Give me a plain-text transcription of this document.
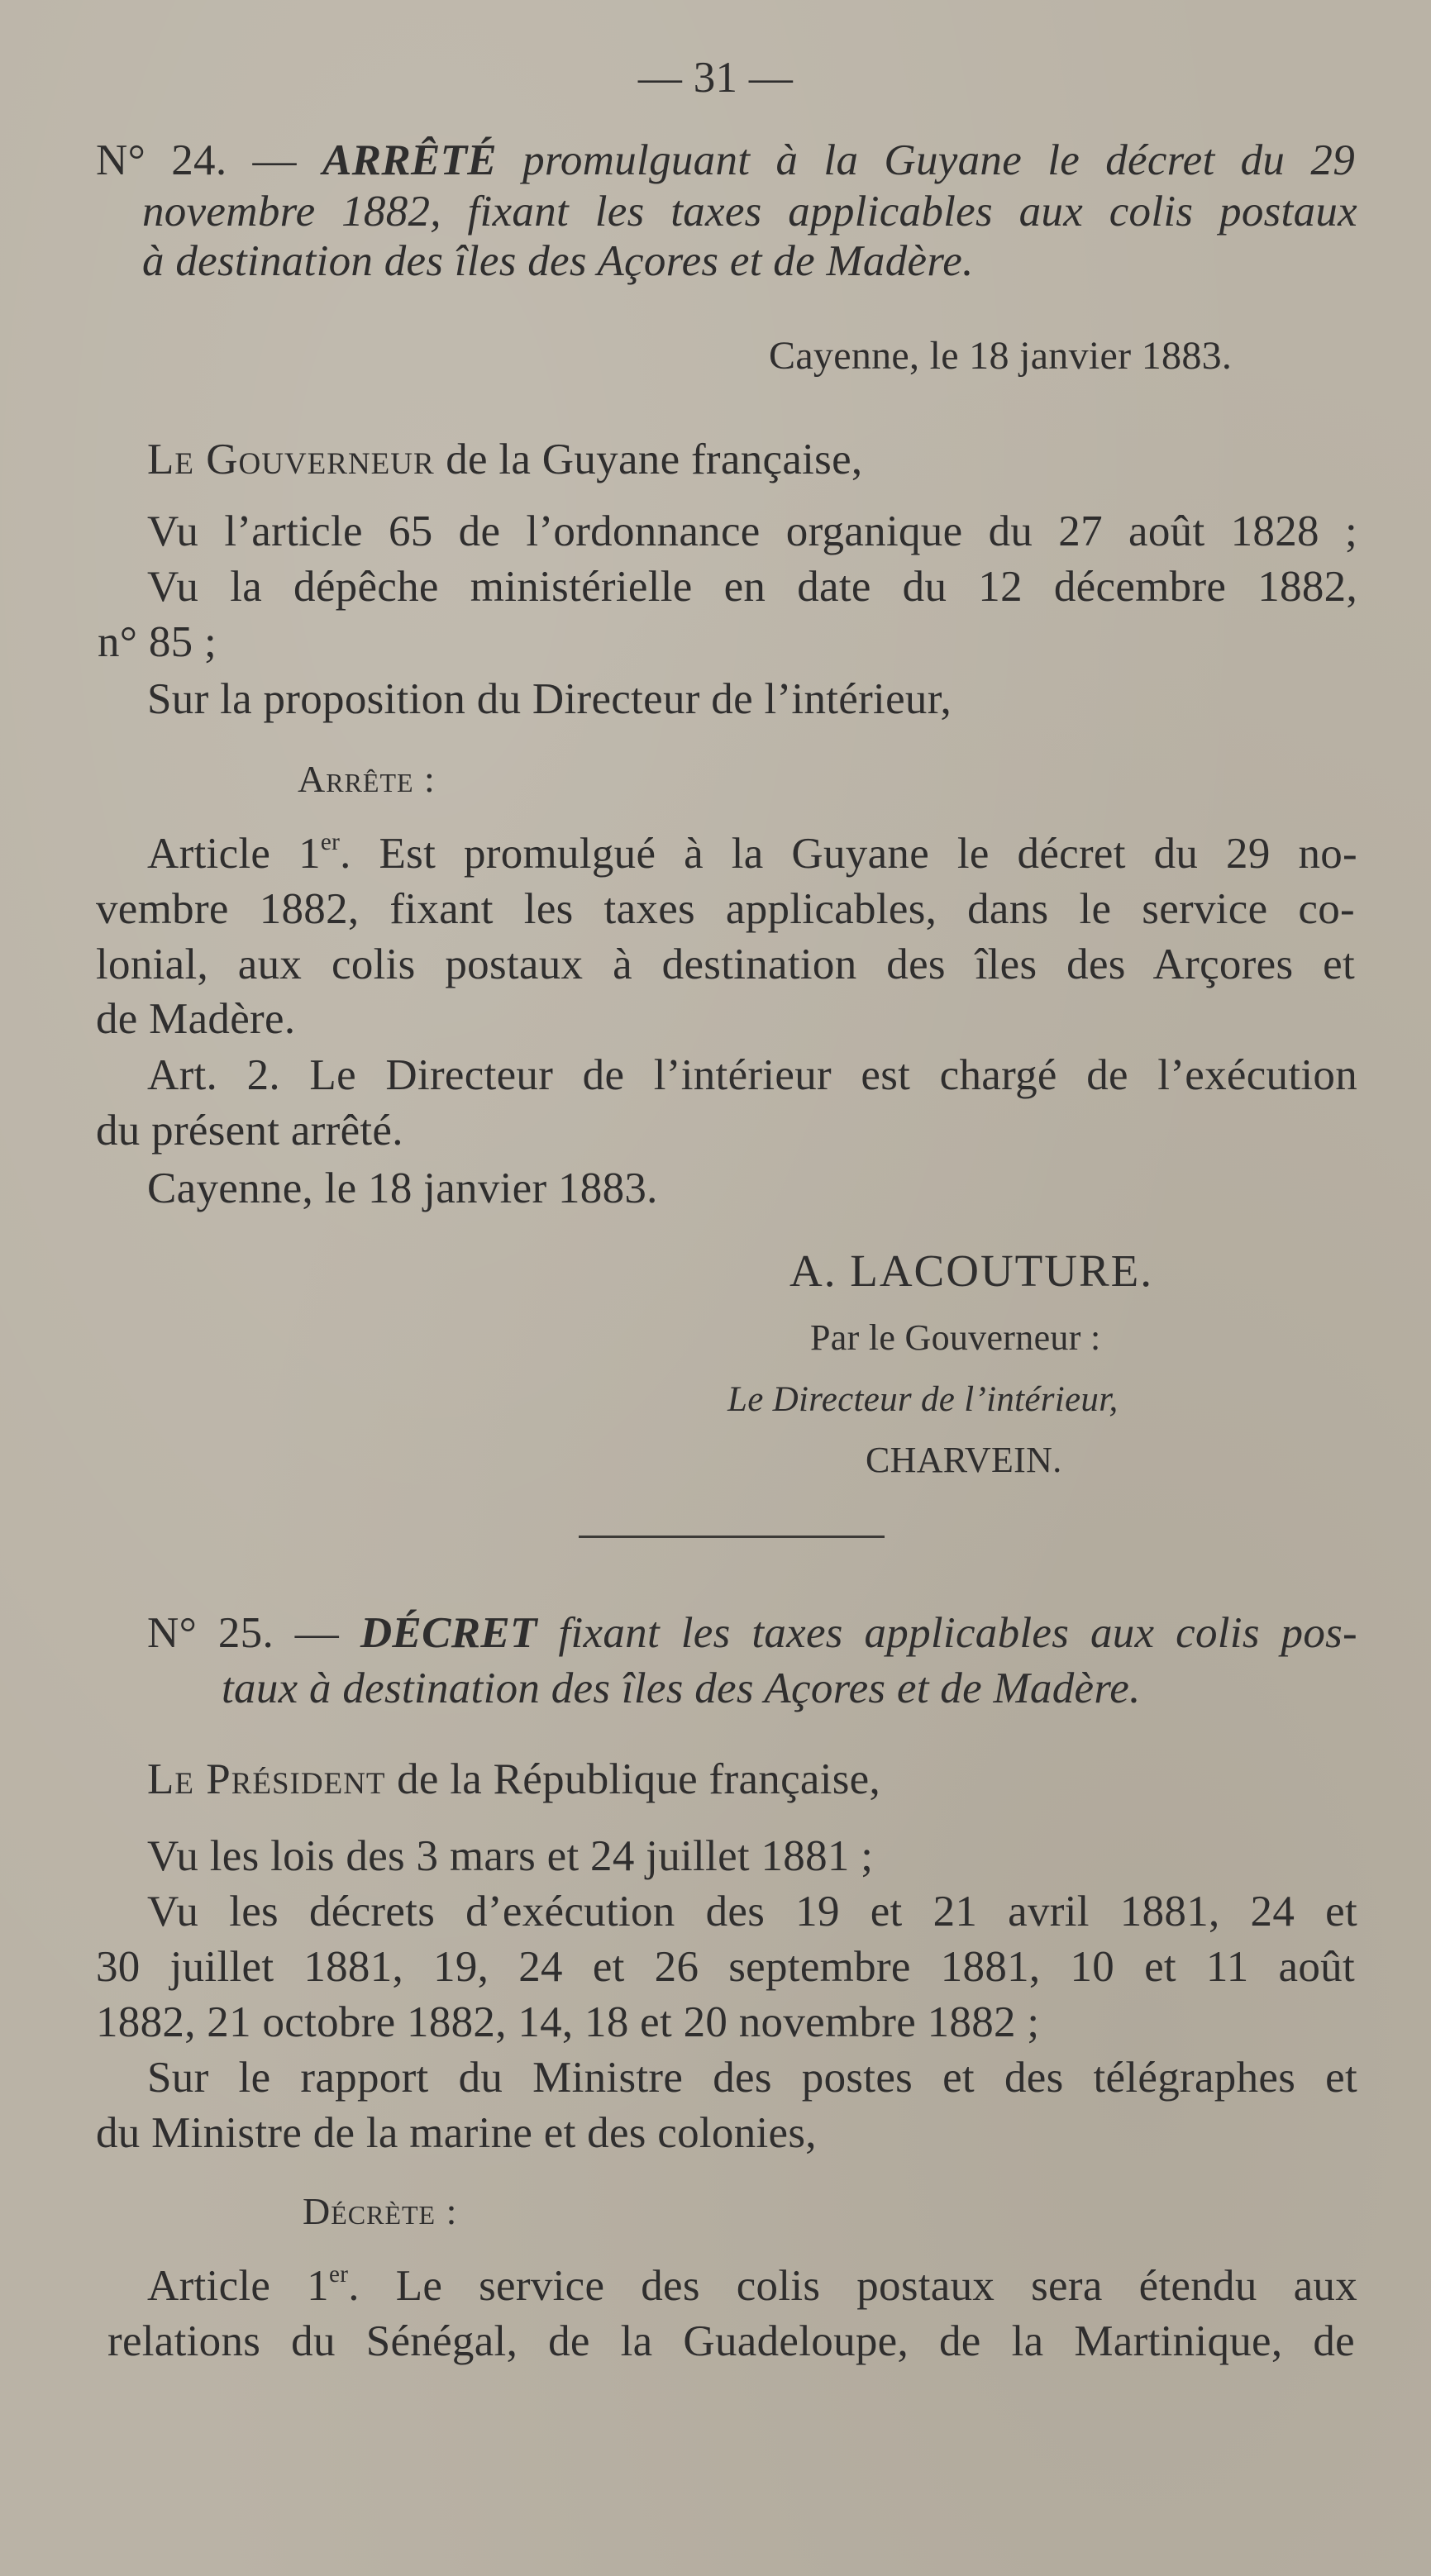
— 31 —
N° 24. — ARRÊTÉ promulguant à la Guyane le décret du 29
novembre 1882, fixant les taxes applicables aux colis postaux
à destination des îles des Açores et de Madère.
Cayenne, le 18 janvier 1883.
Le Gouverneur de la Guyane française,
Vu l’article 65 de l’ordonnance organique du 27 août 1828 ;
Vu la dépêche ministérielle en date du 12 décembre 1882,
n° 85 ;
Sur la proposition du Directeur de l’intérieur,
Arrête :
Article 1er. Est promulgué à la Guyane le décret du 29 no-
vembre 1882, fixant les taxes applicables, dans le service co-
lonial, aux colis postaux à destination des îles des Arçores et
de Madère.
Art. 2. Le Directeur de l’intérieur est chargé de l’exécution
du présent arrêté.
Cayenne, le 18 janvier 1883.
A. LACOUTURE.
Par le Gouverneur :
Le Directeur de l’intérieur,
CHARVEIN.
N° 25. — DÉCRET fixant les taxes applicables aux colis pos-
taux à destination des îles des Açores et de Madère.
Le Président de la République française,
Vu les lois des 3 mars et 24 juillet 1881 ;
Vu les décrets d’exécution des 19 et 21 avril 1881, 24 et
30 juillet 1881, 19, 24 et 26 septembre 1881, 10 et 11 août
1882, 21 octobre 1882, 14, 18 et 20 novembre 1882 ;
Sur le rapport du Ministre des postes et des télégraphes et
du Ministre de la marine et des colonies,
Décrète :
Article 1er. Le service des colis postaux sera étendu aux
relations du Sénégal, de la Guadeloupe, de la Martinique, de
